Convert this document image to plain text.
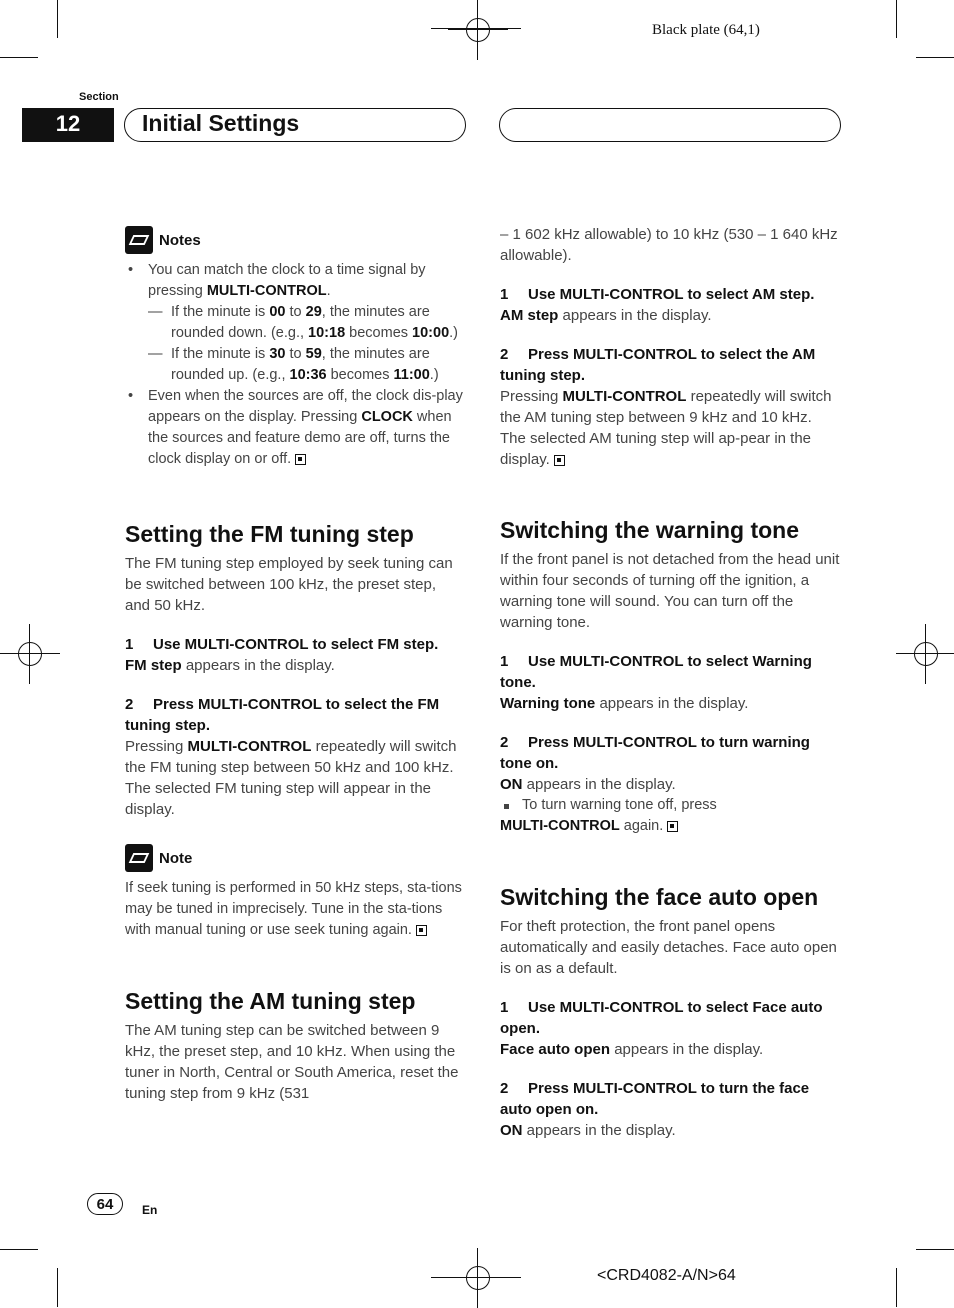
Black plate (64,1)
Section
12	Initial Settings
Notes

• You can match the clock to a time signal by pressing MULTI-CONTROL.

— If the minute is 00 to 29, the minutes are rounded down. (e.g., 10:18 becomes 10:00.)

— If the minute is 30 to 59, the minutes are rounded up. (e.g., 10:36 becomes 11:00.)

• Even when the sources are off, the clock dis-play appears on the display. Pressing CLOCK when the sources and feature demo are off, turns the clock display on or off.

Setting the FM tuning step

The FM tuning step employed by seek tuning can be switched between 100 kHz, the preset step, and 50 kHz.

1 Use MULTI-CONTROL to select FM step.

FM step appears in the display.

2 Press MULTI-CONTROL to select the FM tuning step.

Pressing MULTI-CONTROL repeatedly will switch the FM tuning step between 50 kHz and 100 kHz. The selected FM tuning step will appear in the display.

Note

If seek tuning is performed in 50 kHz steps, sta-tions may be tuned in imprecisely. Tune in the sta-tions with manual tuning or use seek tuning again.

Setting the AM tuning step

The AM tuning step can be switched between 9 kHz, the preset step, and 10 kHz. When using the tuner in North, Central or South America, reset the tuning step from 9 kHz (531

– 1 602 kHz allowable) to 10 kHz (530 – 1 640 kHz allowable).

1 Use MULTI-CONTROL to select AM step.

AM step appears in the display.

2 Press MULTI-CONTROL to select the AM tuning step.

Pressing MULTI-CONTROL repeatedly will switch the AM tuning step between 9 kHz and 10 kHz. The selected AM tuning step will ap-pear in the display.

Switching the warning tone

If the front panel is not detached from the head unit within four seconds of turning off the ignition, a warning tone will sound. You can turn off the warning tone.

1 Use MULTI-CONTROL to select Warning tone.

Warning tone appears in the display.

2 Press MULTI-CONTROL to turn warning tone on.

ON appears in the display.

To turn warning tone off, press

MULTI-CONTROL again.

Switching the face auto open

For theft protection, the front panel opens automatically and easily detaches. Face auto open is on as a default.

1 Use MULTI-CONTROL to select Face auto open.

Face auto open appears in the display.

2 Press MULTI-CONTROL to turn the face auto open on.

ON appears in the display.

64	En
<CRD4082-A/N>64
